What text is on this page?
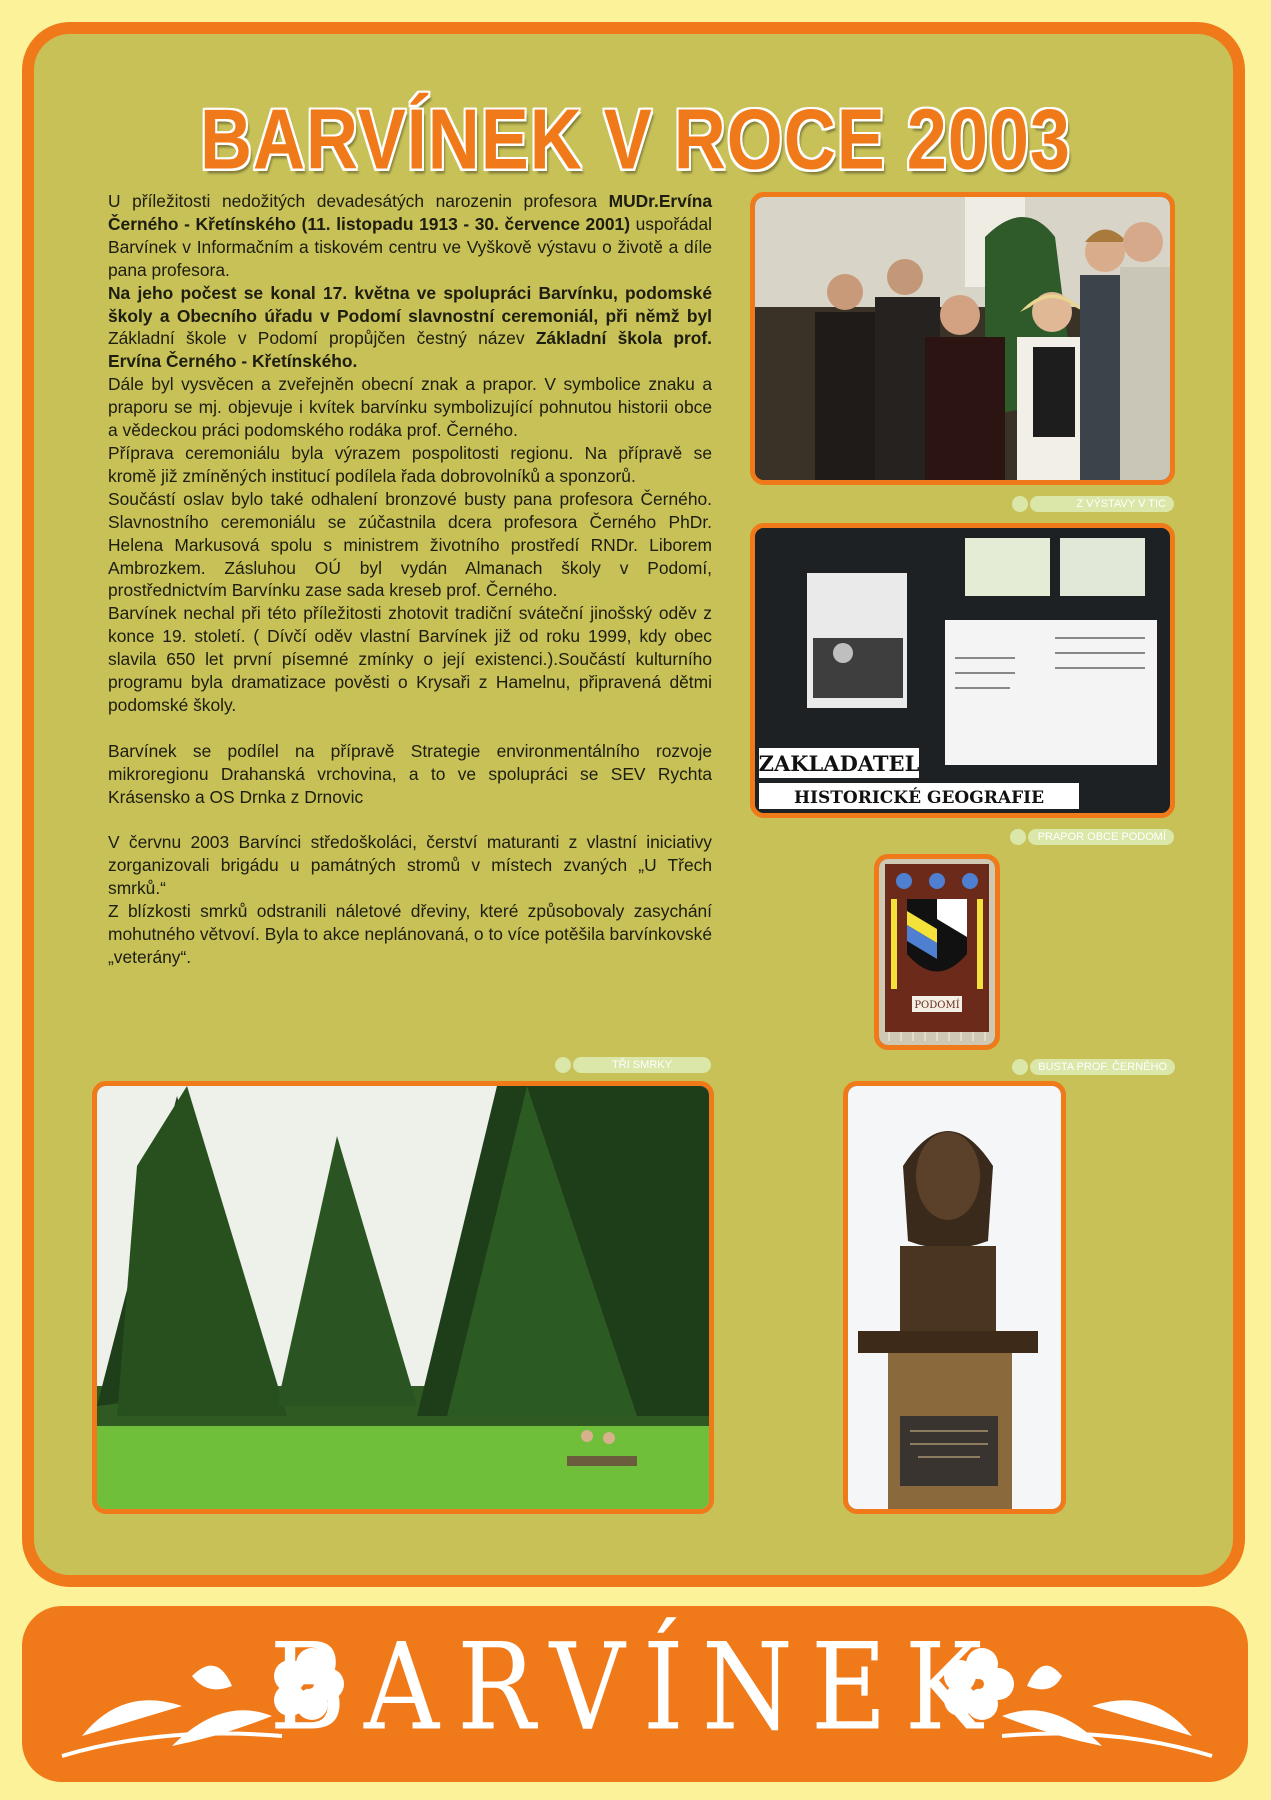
BARVÍNEK V ROCE 2003

U příležitosti nedožitých devadesátých narozenin profesora MUDr.Ervína Černého - Křetínského (11. listopadu 1913 - 30. července 2001) uspořádal Barvínek v Informačním a tiskovém centru ve Vyškově výstavu o životě a díle pana profesora.

Na jeho počest se konal 17. května ve spolupráci Barvínku, podomské školy a Obecního úřadu v Podomí slavnostní ceremoniál, při němž byl Základní škole v Podomí propůjčen čestný název Základní škola prof. Ervína Černého - Křetínského.

Dále byl vysvěcen a zveřejněn obecní znak a prapor. V symbolice znaku a praporu se mj. objevuje i kvítek barvínku symbolizující pohnutou historii obce a vědeckou práci podomského rodáka prof. Černého.

Příprava ceremoniálu byla výrazem pospolitosti regionu. Na přípravě se kromě již zmíněných institucí podílela řada dobrovolníků a sponzorů.

Součástí oslav bylo také odhalení bronzové busty pana profesora Černého. Slavnostního ceremoniálu se zúčastnila dcera profesora Černého PhDr. Helena Markusová spolu s ministrem životního prostředí RNDr. Liborem Ambrozkem. Zásluhou OÚ byl vydán Almanach školy v Podomí, prostřednictvím Barvínku zase sada kreseb prof. Černého.

Barvínek nechal při této příležitosti zhotovit tradiční sváteční jinošský oděv z konce 19. století. ( Dívčí oděv vlastní Barvínek již od roku 1999, kdy obec slavila 650 let první písemné zmínky o její existenci.).Součástí kulturního programu byla dramatizace pověsti o Krysaři z Hamelnu, připravená dětmi podomské školy.

Barvínek se podílel na přípravě Strategie environmentálního rozvoje mikroregionu Drahanská vrchovina, a to ve spolupráci se SEV Rychta Krásensko a OS Drnka z Drnovic

V červnu 2003 Barvínci středoškoláci, čerství maturanti z vlastní iniciativy zorganizovali brigádu u památných stromů v místech zvaných „U Třech smrků.“

Z blízkosti smrků odstranili náletové dřeviny, které způsobovaly zasychání mohutného větvoví. Byla to akce neplánovaná, o to více potěšila barvínkovské „veterány“.

Z VÝSTAVY V TIC
ZAKLADATEL
HISTORICKÉ GEOGRAFIE
PRAPOR OBCE PODOMÍ
PODOMÍ
BUSTA PROF. ČERNÉHO
TŘI SMRKY
BARVÍNEK
